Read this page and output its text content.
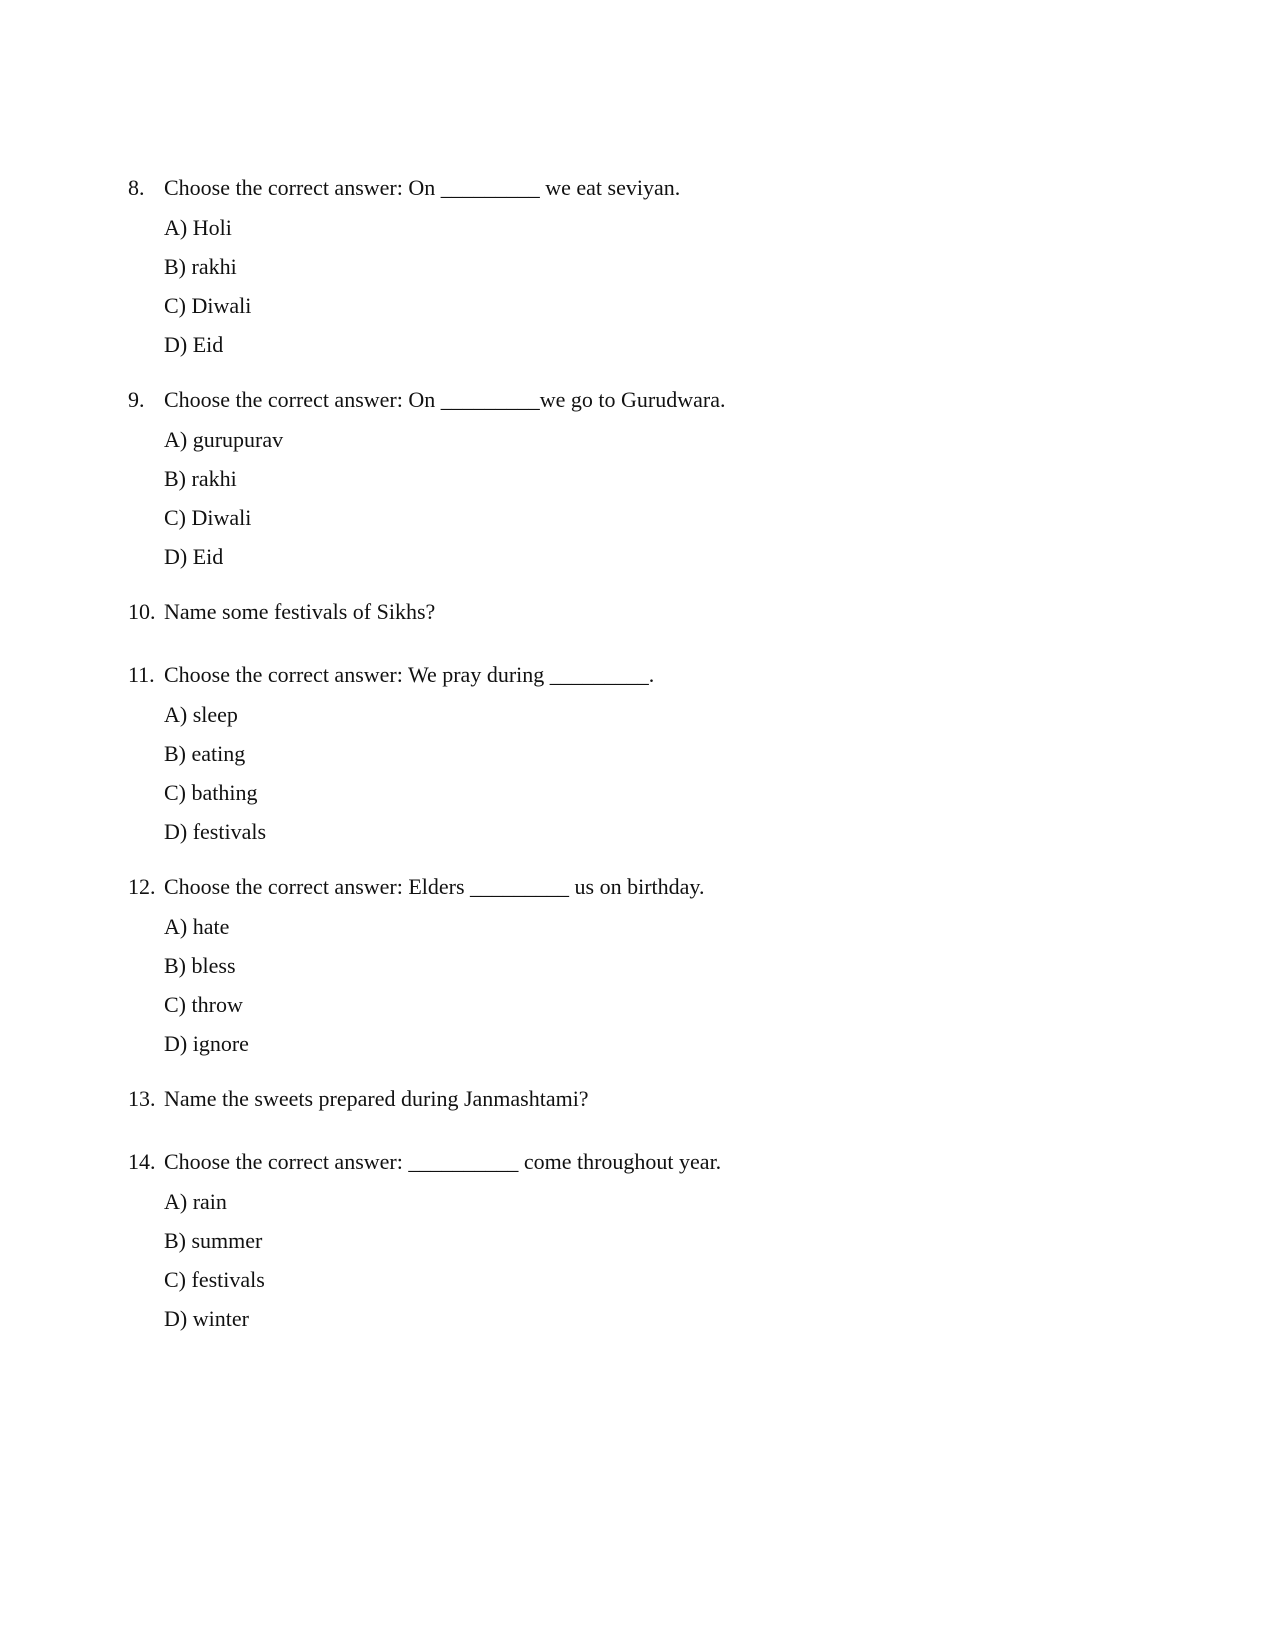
8.

Choose the correct answer: On _________ we eat seviyan.

A) Holi
B) rakhi
C) Diwali
D) Eid

9.

Choose the correct answer: On _________we go to Gurudwara.

A) gurupurav
B) rakhi
C) Diwali
D) Eid

10.

Name some festivals of Sikhs?

11.

Choose the correct answer: We pray during _________.

A) sleep
B) eating
C) bathing
D) festivals

12.

Choose the correct answer: Elders _________ us on birthday.

A) hate
B) bless
C) throw
D) ignore

13.

Name the sweets prepared during Janmashtami?

14.

Choose the correct answer: __________ come throughout year.

A) rain
B) summer
C) festivals
D) winter
